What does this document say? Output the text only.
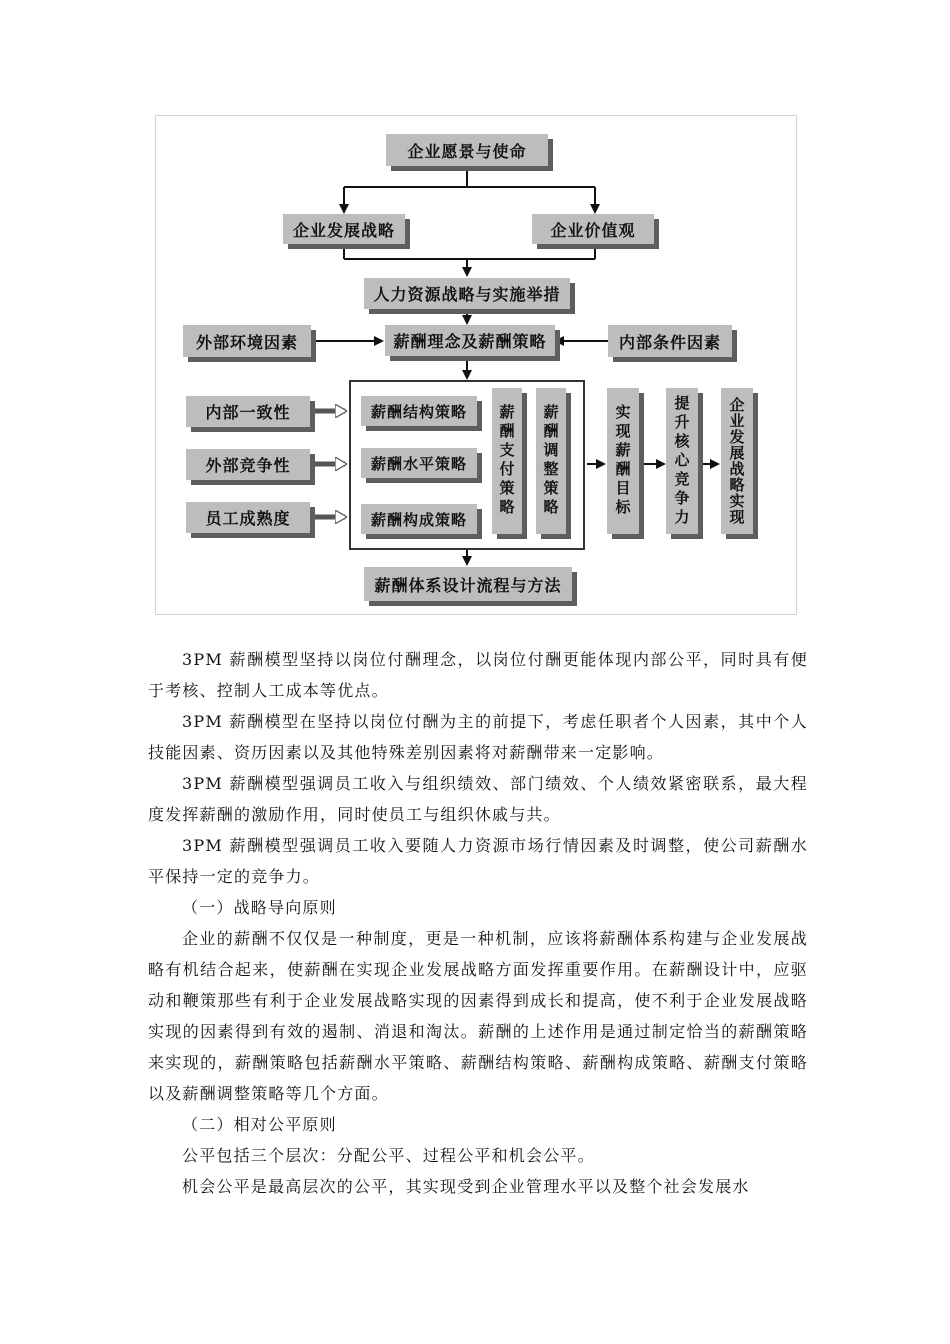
企业愿景与使命
企业发展战略	企业价值观
人力资源战略与实施举措
外部环境因素	薪酬理念及薪酬策略	内部条件因素
内部一致性
外部竞争性
员工成熟度
薪酬结构策略
薪酬水平策略
薪酬构成策略
薪酬支付策略	薪酬调整策略	实现薪酬目标	提升核心竞争力	企业发展战略实现
薪酬体系设计流程与方法

3PM 薪酬模型坚持以岗位付酬理念，以岗位付酬更能体现内部公平，同时具有便于考核、控制人工成本等优点。

3PM 薪酬模型在坚持以岗位付酬为主的前提下，考虑任职者个人因素，其中个人技能因素、资历因素以及其他特殊差别因素将对薪酬带来一定影响。

3PM 薪酬模型强调员工收入与组织绩效、部门绩效、个人绩效紧密联系，最大程度发挥薪酬的激励作用，同时使员工与组织休戚与共。

3PM 薪酬模型强调员工收入要随人力资源市场行情因素及时调整，使公司薪酬水平保持一定的竞争力。

（一）战略导向原则

企业的薪酬不仅仅是一种制度，更是一种机制，应该将薪酬体系构建与企业发展战略有机结合起来，使薪酬在实现企业发展战略方面发挥重要作用。在薪酬设计中，应驱动和鞭策那些有利于企业发展战略实现的因素得到成长和提高，使不利于企业发展战略实现的因素得到有效的遏制、消退和淘汰。薪酬的上述作用是通过制定恰当的薪酬策略来实现的，薪酬策略包括薪酬水平策略、薪酬结构策略、薪酬构成策略、薪酬支付策略以及薪酬调整策略等几个方面。

（二）相对公平原则

公平包括三个层次：分配公平、过程公平和机会公平。

机会公平是最高层次的公平，其实现受到企业管理水平以及整个社会发展水
